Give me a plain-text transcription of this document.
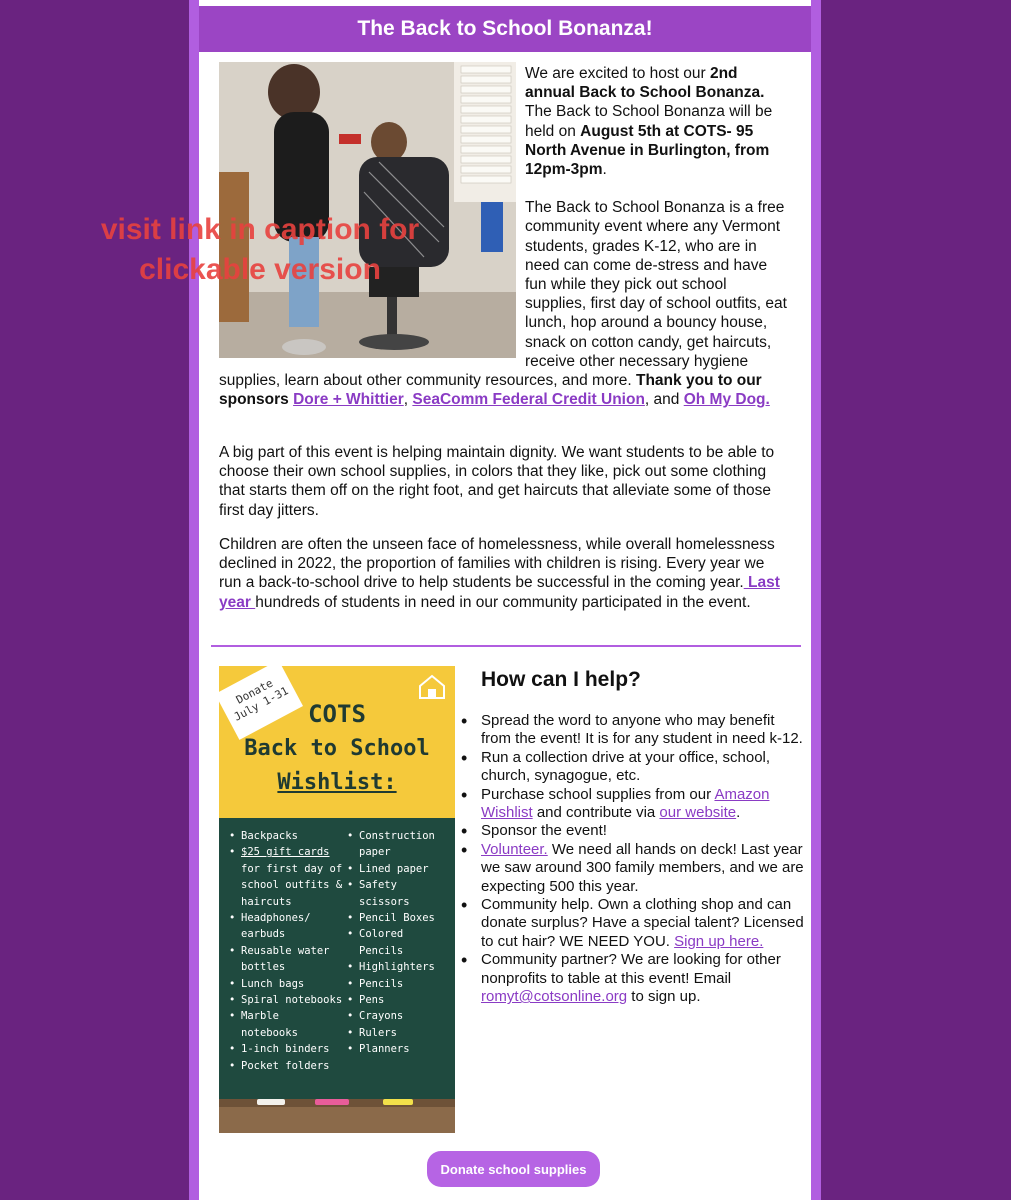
The Back to School Bonanza!

We are excited to host our 2nd annual Back to School Bonanza. The Back to School Bonanza will be held on August 5th at COTS- 95 North Avenue in Burlington, from 12pm-3pm.

The Back to School Bonanza is a free community event where any Vermont students, grades K-12, who are in need can come de-stress and have fun while they pick out school supplies, first day of school outfits, eat lunch, hop around a bouncy house, snack on cotton candy, get haircuts, receive other necessary hygiene supplies, learn about other community resources, and more. Thank you to our sponsors Dore + Whittier, SeaComm Federal Credit Union, and Oh My Dog.

A big part of this event is helping maintain dignity. We want students to be able to choose their own school supplies, in colors that they like, pick out some clothing that starts them off on the right foot, and get haircuts that alleviate some of those first day jitters.

Children are often the unseen face of homelessness, while overall homelessness declined in 2022, the proportion of families with children is rising. Every year we run a back-to-school drive to help students be successful in the coming year. Last year hundreds of students in need in our community participated in the event.

Donate July 1-31 COTS
Back to School
Wishlist:
• Backpacks
• $25 gift cards
for first day of school outfits & haircuts
• Headphones/
earbuds
• Reusable water
bottles
• Lunch bags
• Spiral notebooks
• Marble
notebooks
• 1-inch binders
• Pocket folders
• Construction
paper
• Lined paper
• Safety
scissors
• Pencil Boxes
• Colored
Pencils
• Highlighters
• Pencils
• Pens
• Crayons
• Rulers
• Planners
How can I help?
• Spread the word to anyone who may benefit from the event! It is for any student in need k-12.
• Run a collection drive at your office, school, church, synagogue, etc.
• Purchase school supplies from our Amazon Wishlist and contribute via our website.
• Sponsor the event!
• Volunteer. We need all hands on deck! Last year we saw around 300 family members, and we are expecting 500 this year.
• Community help. Own a clothing shop and can donate surplus? Have a special talent? Licensed to cut hair? WE NEED YOU. Sign up here.
• Community partner? We are looking for other nonprofits to table at this event! Email romyt@cotsonline.org to sign up.
Donate school supplies
visit link in caption for
clickable version
